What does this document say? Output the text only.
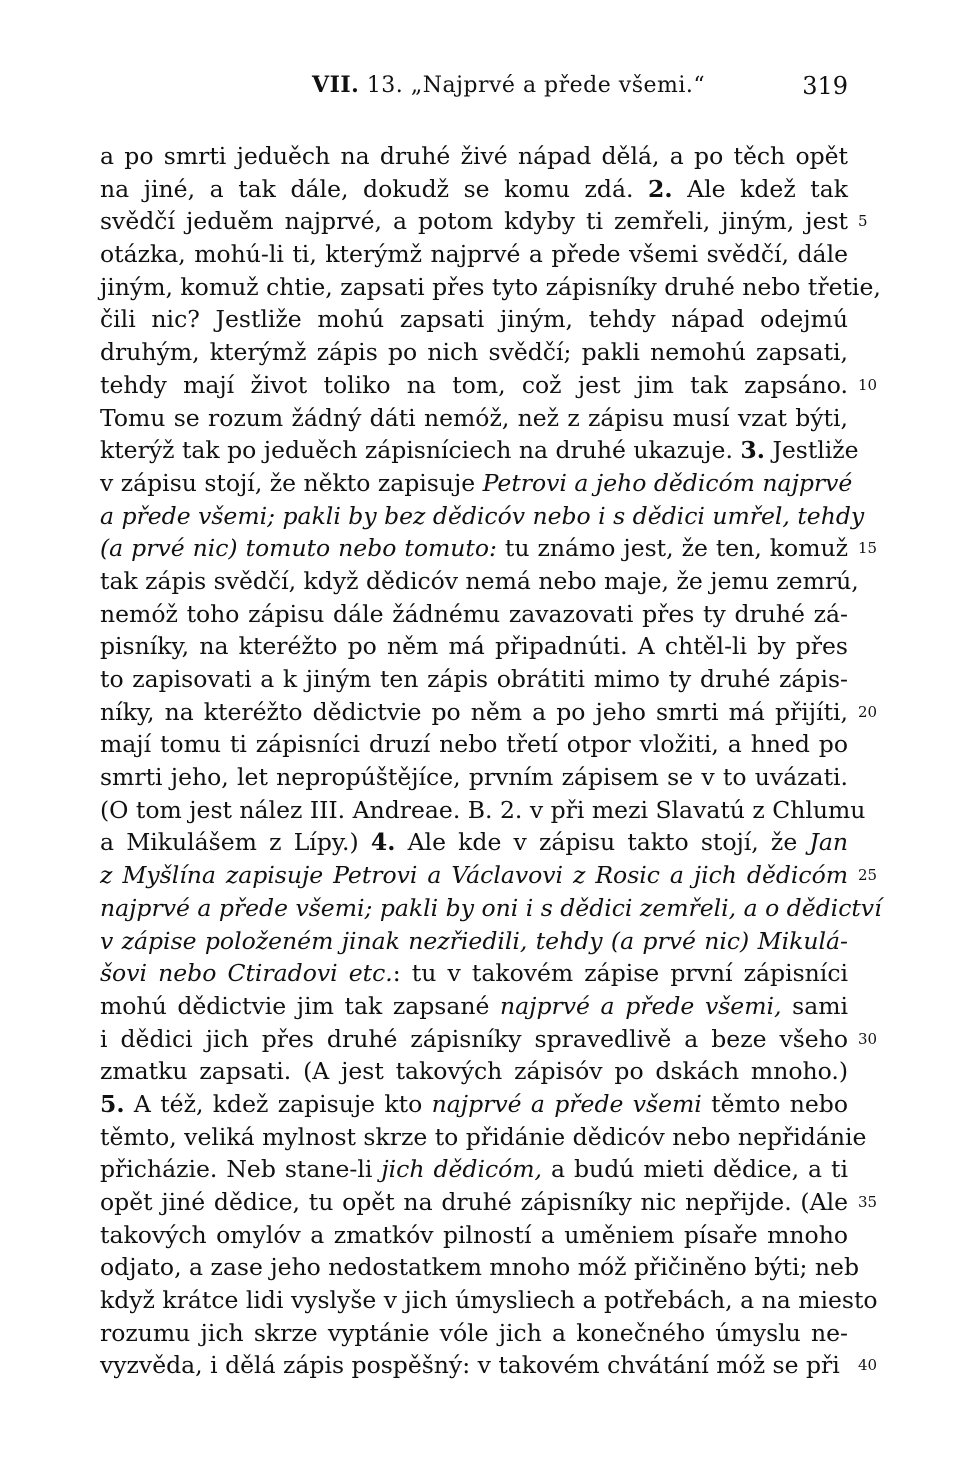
VII. 13. „Najprvé a přede všemi.“	319
a po smrti jeduěch na druhé živé nápad dělá, a po těch opět
na jiné, a tak dále, dokudž se komu zdá. 2. Ale kdež tak
svědčí jeduěm najprvé, a potom kdyby ti zemřeli, jiným, jest 5
otázka, mohú-li ti, kterýmž najprvé a přede všemi svědčí, dále
jiným, komuž chtie, zapsati přes tyto zápisníky druhé nebo třetie,
čili nic? Jestliže mohú zapsati jiným, tehdy nápad odejmú
druhým, kterýmž zápis po nich svědčí; pakli nemohú zapsati,
tehdy mají život toliko na tom, což jest jim tak zapsáno. 10
Tomu se rozum žádný dáti nemóž, než z zápisu musí vzat býti,
kterýž tak po jeduěch zápisníciech na druhé ukazuje. 3. Jestliže
v zápisu stojí, že někto zapisuje Petrovi a jeho dědicóm najprvé
a přede všemi; pakli by bez dědicóv nebo i s dědici umřel, tehdy
(a prvé nic) tomuto nebo tomuto: tu známo jest, že ten, komuž 15
tak zápis svědčí, když dědicóv nemá nebo maje, že jemu zemrú,
nemóž toho zápisu dále žádnému zavazovati přes ty druhé zá-
pisníky, na kteréžto po něm má připadnúti. A chtěl-li by přes
to zapisovati a k jiným ten zápis obrátiti mimo ty druhé zápis-
níky, na kteréžto dědictvie po něm a po jeho smrti má přijíti, 20
mají tomu ti zápisníci druzí nebo třetí otpor vložiti, a hned po
smrti jeho, let nepropúštějíce, prvním zápisem se v to uvázati.
(O tom jest nález III. Andreae. B. 2. v při mezi Slavatú z Chlumu
a Mikulášem z Lípy.) 4. Ale kde v zápisu takto stojí, že Jan
z Myšlína zapisuje Petrovi a Václavovi z Rosic a jich dědicóm 25
najprvé a přede všemi; pakli by oni i s dědici zemřeli, a o dědictví
v zápise položeném jinak nezřiedili, tehdy (a prvé nic) Mikulá-
šovi nebo Ctiradovi etc.: tu v takovém zápise první zápisníci
mohú dědictvie jim tak zapsané najprvé a přede všemi, sami
i dědici jich přes druhé zápisníky spravedlivě a beze všeho 30
zmatku zapsati. (A jest takových zápisóv po dskách mnoho.)
5. A též, kdež zapisuje kto najprvé a přede všemi těmto nebo
těmto, veliká mylnost skrze to přidánie dědicóv nebo nepřidánie
přicházie. Neb stane-li jich dědicóm, a budú mieti dědice, a ti
opět jiné dědice, tu opět na druhé zápisníky nic nepřijde. (Ale 35
takových omylóv a zmatkóv pilností a uměniem písaře mnoho
odjato, a zase jeho nedostatkem mnoho móž přičiněno býti; neb
když krátce lidi vyslyše v jich úmysliech a potřebách, a na miesto
rozumu jich skrze vyptánie vóle jich a konečného úmyslu ne-
vyzvěda, i dělá zápis pospěšný: v takovém chvátání móž se při 40
